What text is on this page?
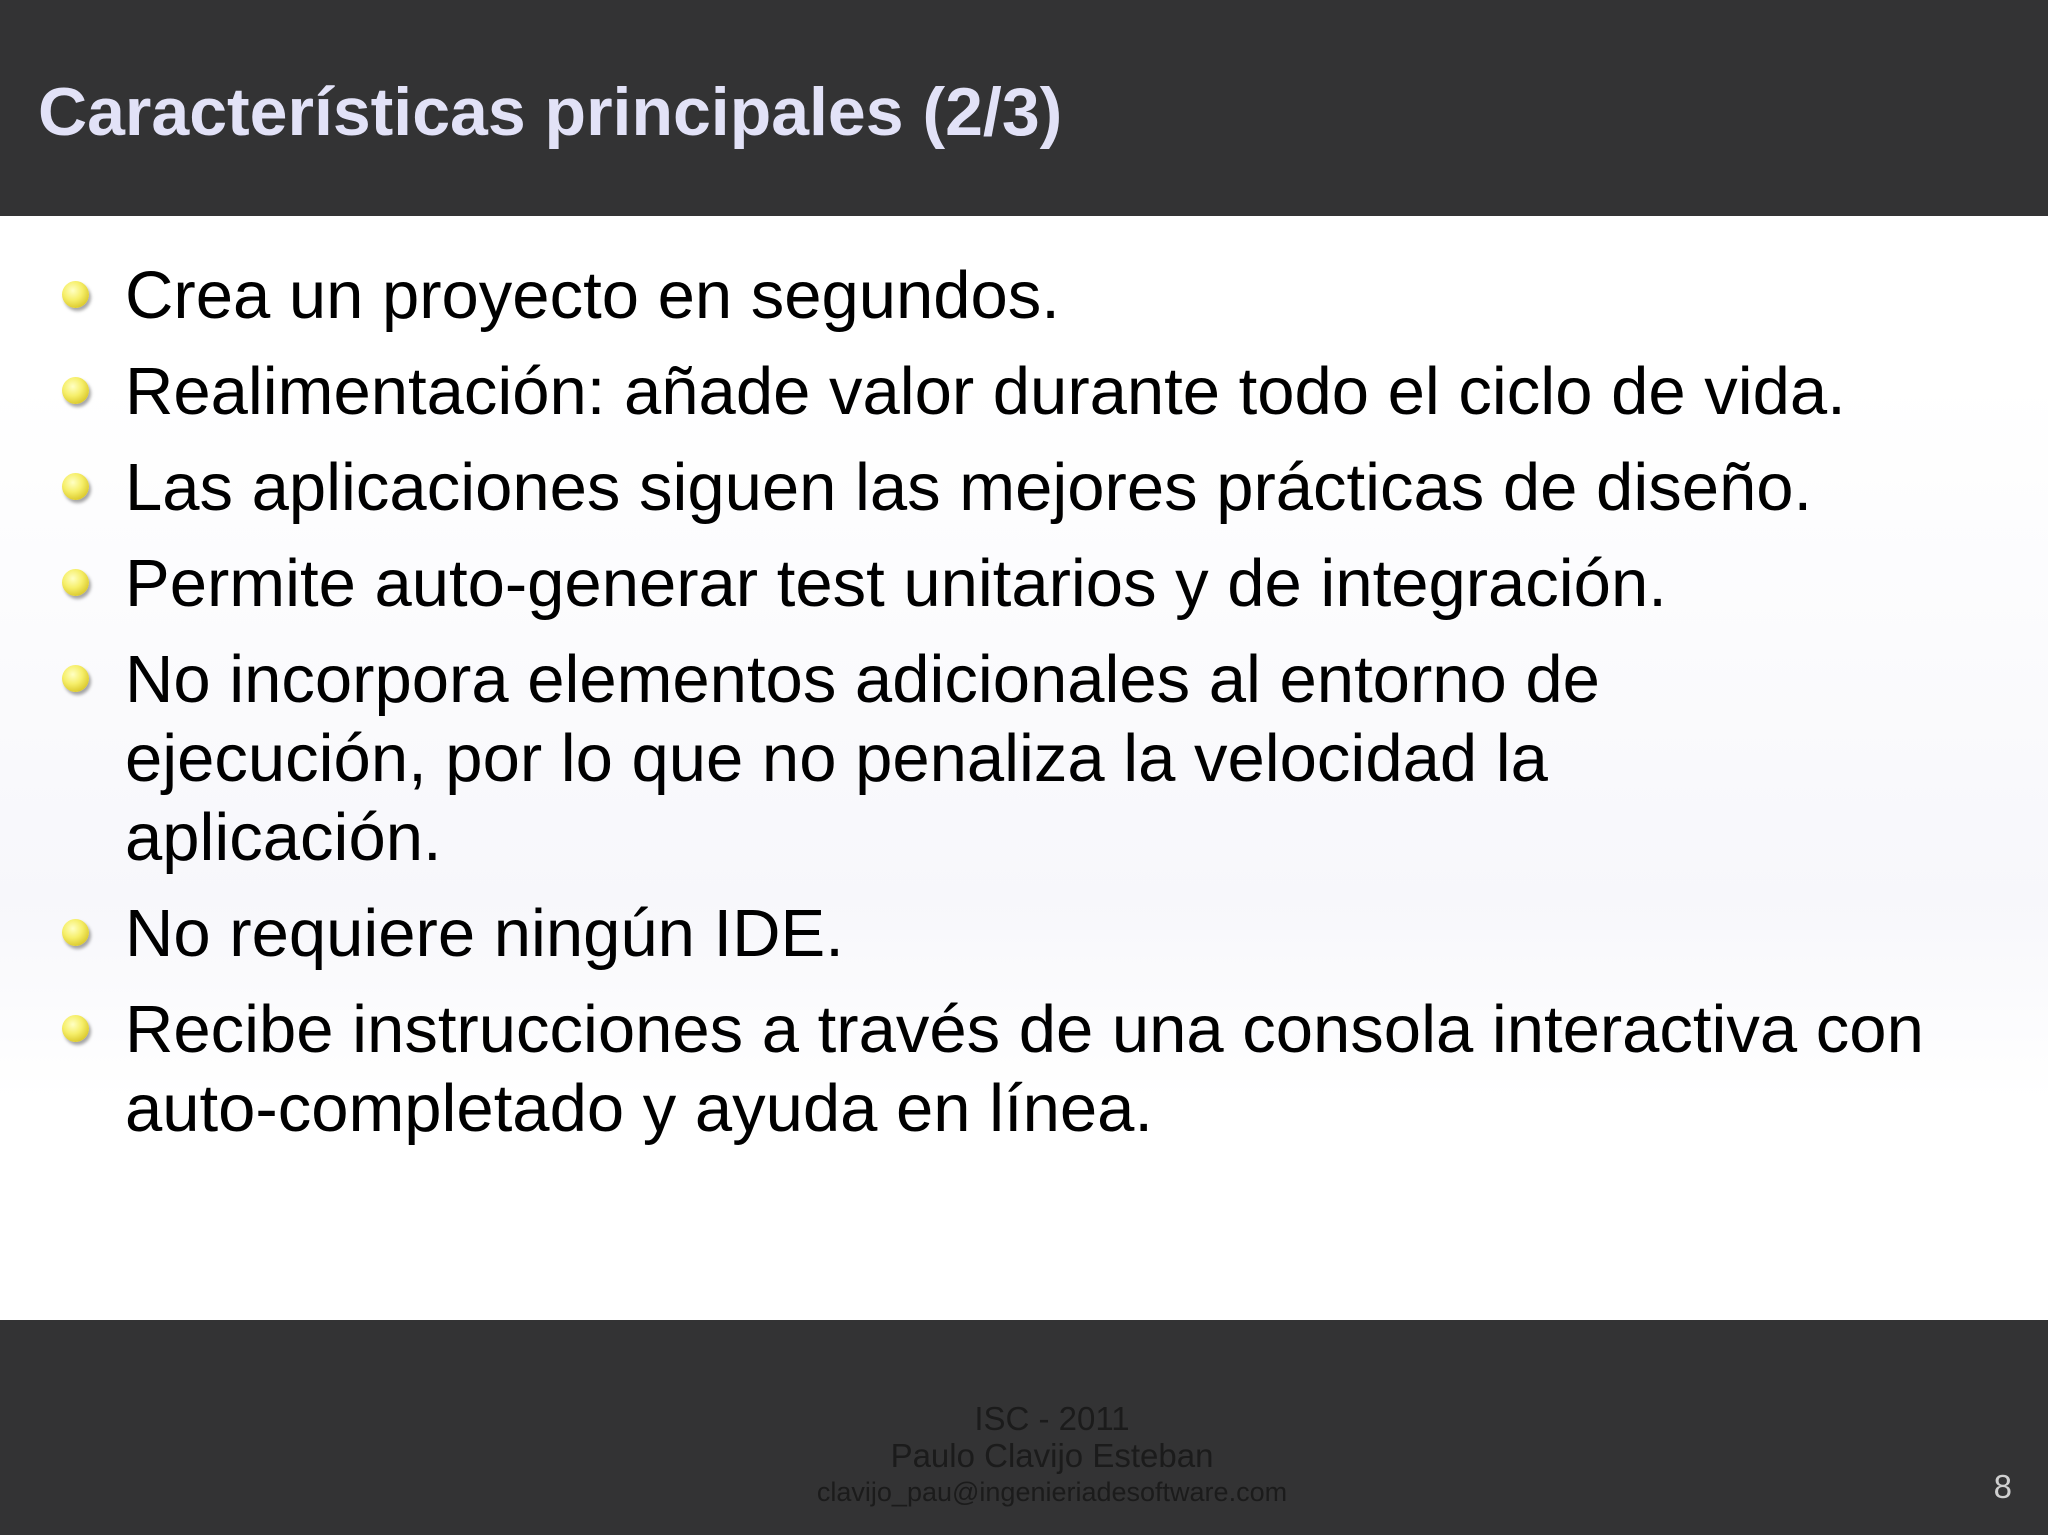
Características principales (2/3)
Crea un proyecto en segundos.
Realimentación: añade valor durante todo el ciclo de vida.
Las aplicaciones siguen las mejores prácticas de diseño.
Permite auto-generar test unitarios y de integración.
No incorpora elementos adicionales al entorno de ejecución, por lo que no penaliza la velocidad la aplicación.
No requiere ningún IDE.
Recibe instrucciones a través de una consola interactiva con auto-completado y ayuda en línea.
ISC - 2011
Paulo Clavijo Esteban
clavijo_pau@ingenieriadesoftware.com	8
